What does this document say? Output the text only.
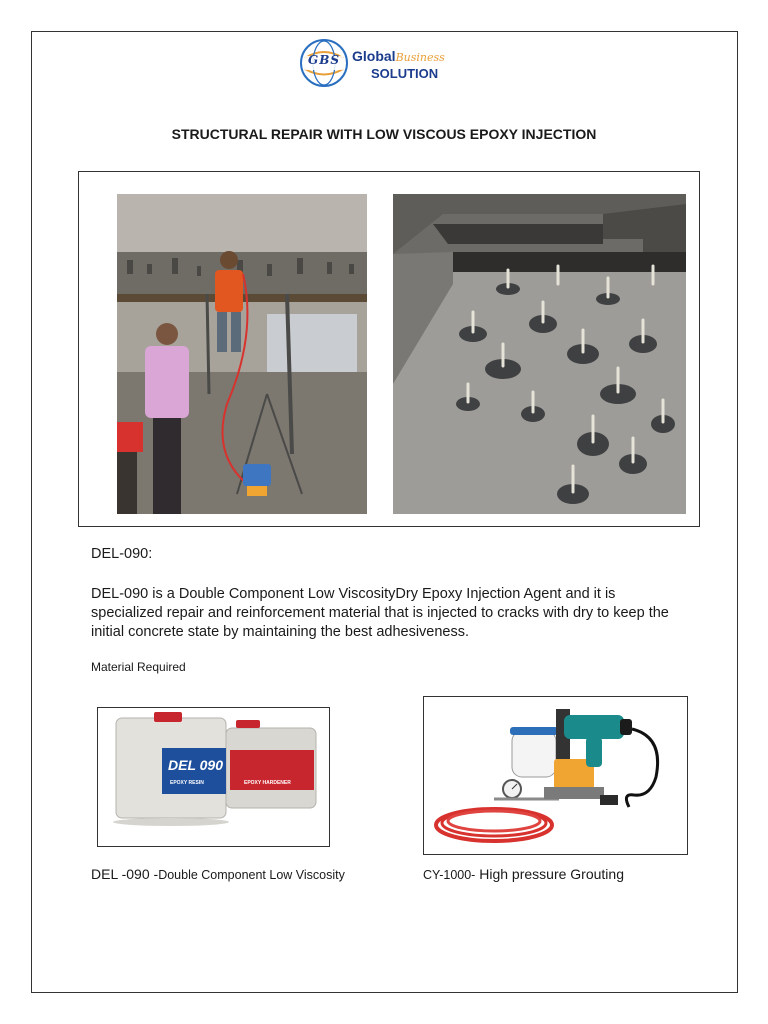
GBS GlobalBusiness
SOLUTION
STRUCTURAL REPAIR WITH LOW VISCOUS EPOXY INJECTION

DEL-090:

DEL-090 is a Double Component Low ViscosityDry Epoxy Injection Agent and it is specialized repair and reinforcement material that is injected to cracks with dry to keep the initial concrete state by maintaining the best adhesiveness.

Material Required

EPOXY HARDENER
DEL 090
EPOXY RESIN
DEL -090 -Double Component Low Viscosity	CY-1000- High pressure Grouting
